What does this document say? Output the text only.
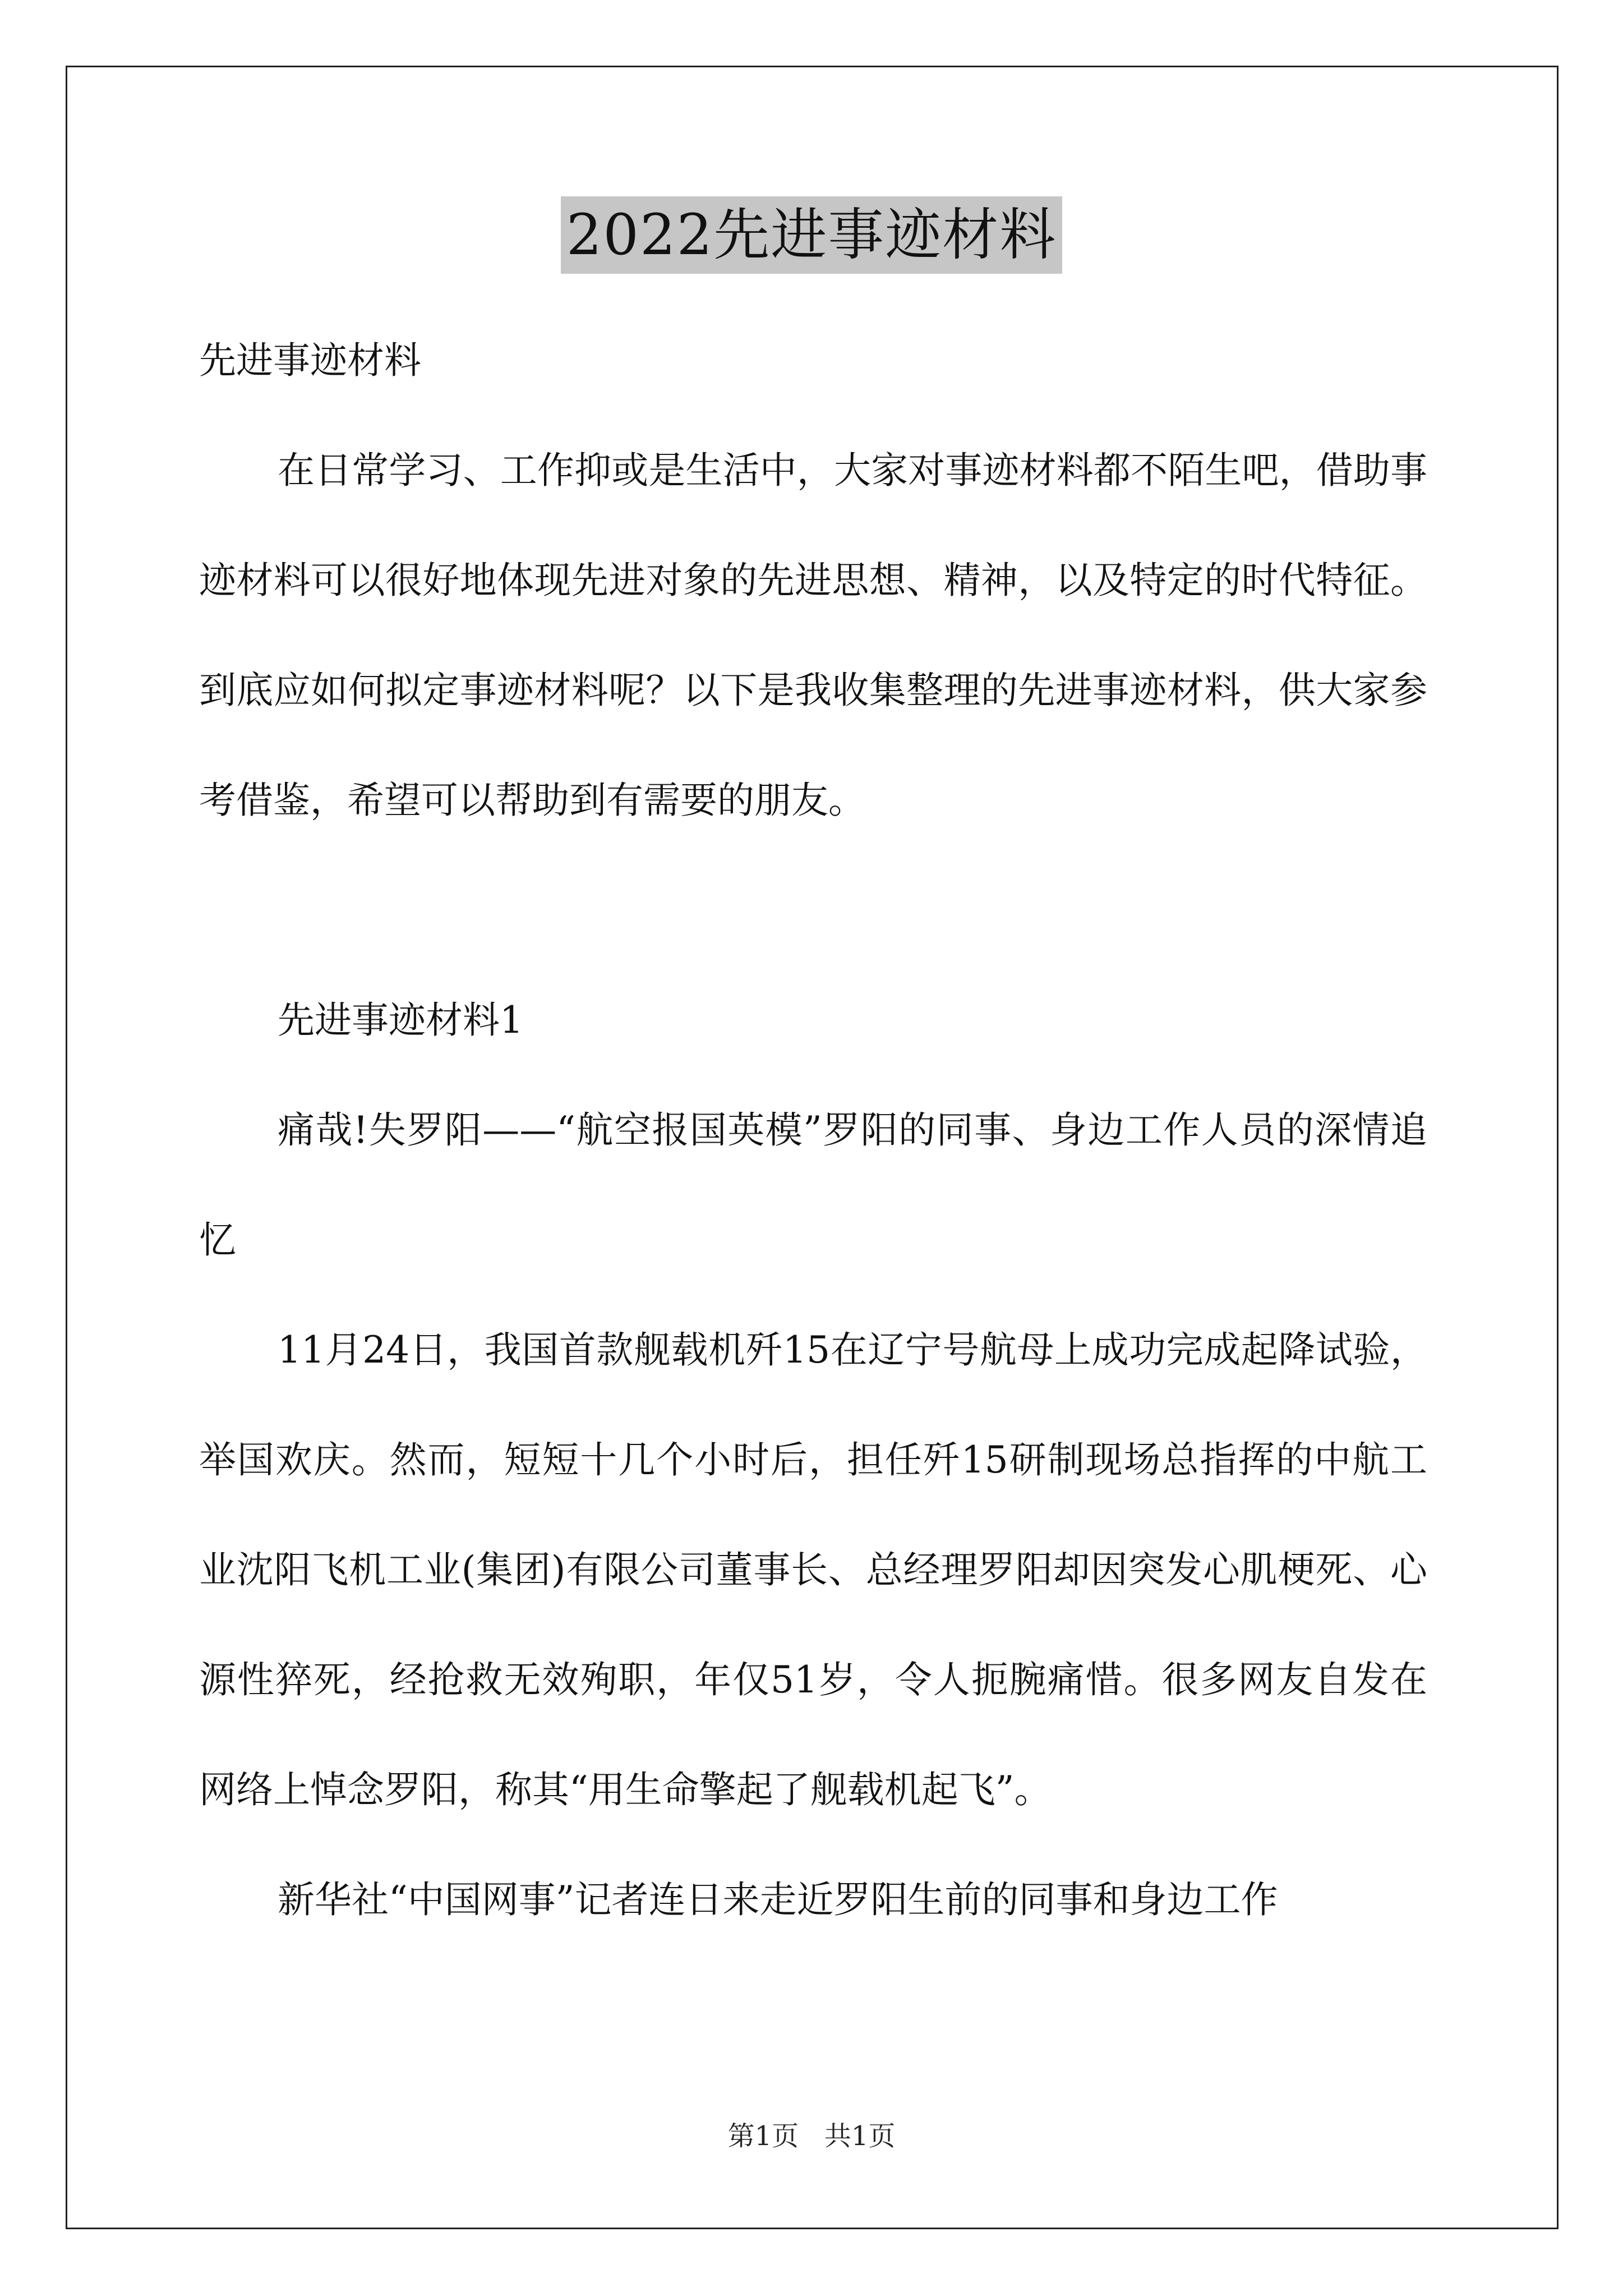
2022先进事迹材料

先进事迹材料

在日常学习、工作抑或是生活中，大家对事迹材料都不陌生吧，借助事迹材料可以很好地体现先进对象的先进思想、精神，以及特定的时代特征。到底应如何拟定事迹材料呢？以下是我收集整理的先进事迹材料，供大家参考借鉴，希望可以帮助到有需要的朋友。

先进事迹材料1

痛哉!失罗阳——“航空报国英模”罗阳的同事、身边工作人员的深情追忆

11月24日，我国首款舰载机歼15在辽宁号航母上成功完成起降试验，举国欢庆。然而，短短十几个小时后，担任歼15研制现场总指挥的中航工业沈阳飞机工业(集团)有限公司董事长、总经理罗阳却因突发心肌梗死、心源性猝死，经抢救无效殉职，年仅51岁，令人扼腕痛惜。很多网友自发在网络上悼念罗阳，称其“用生命擎起了舰载机起飞”。

新华社“中国网事”记者连日来走近罗阳生前的同事和身边工作

第1页   共1页
